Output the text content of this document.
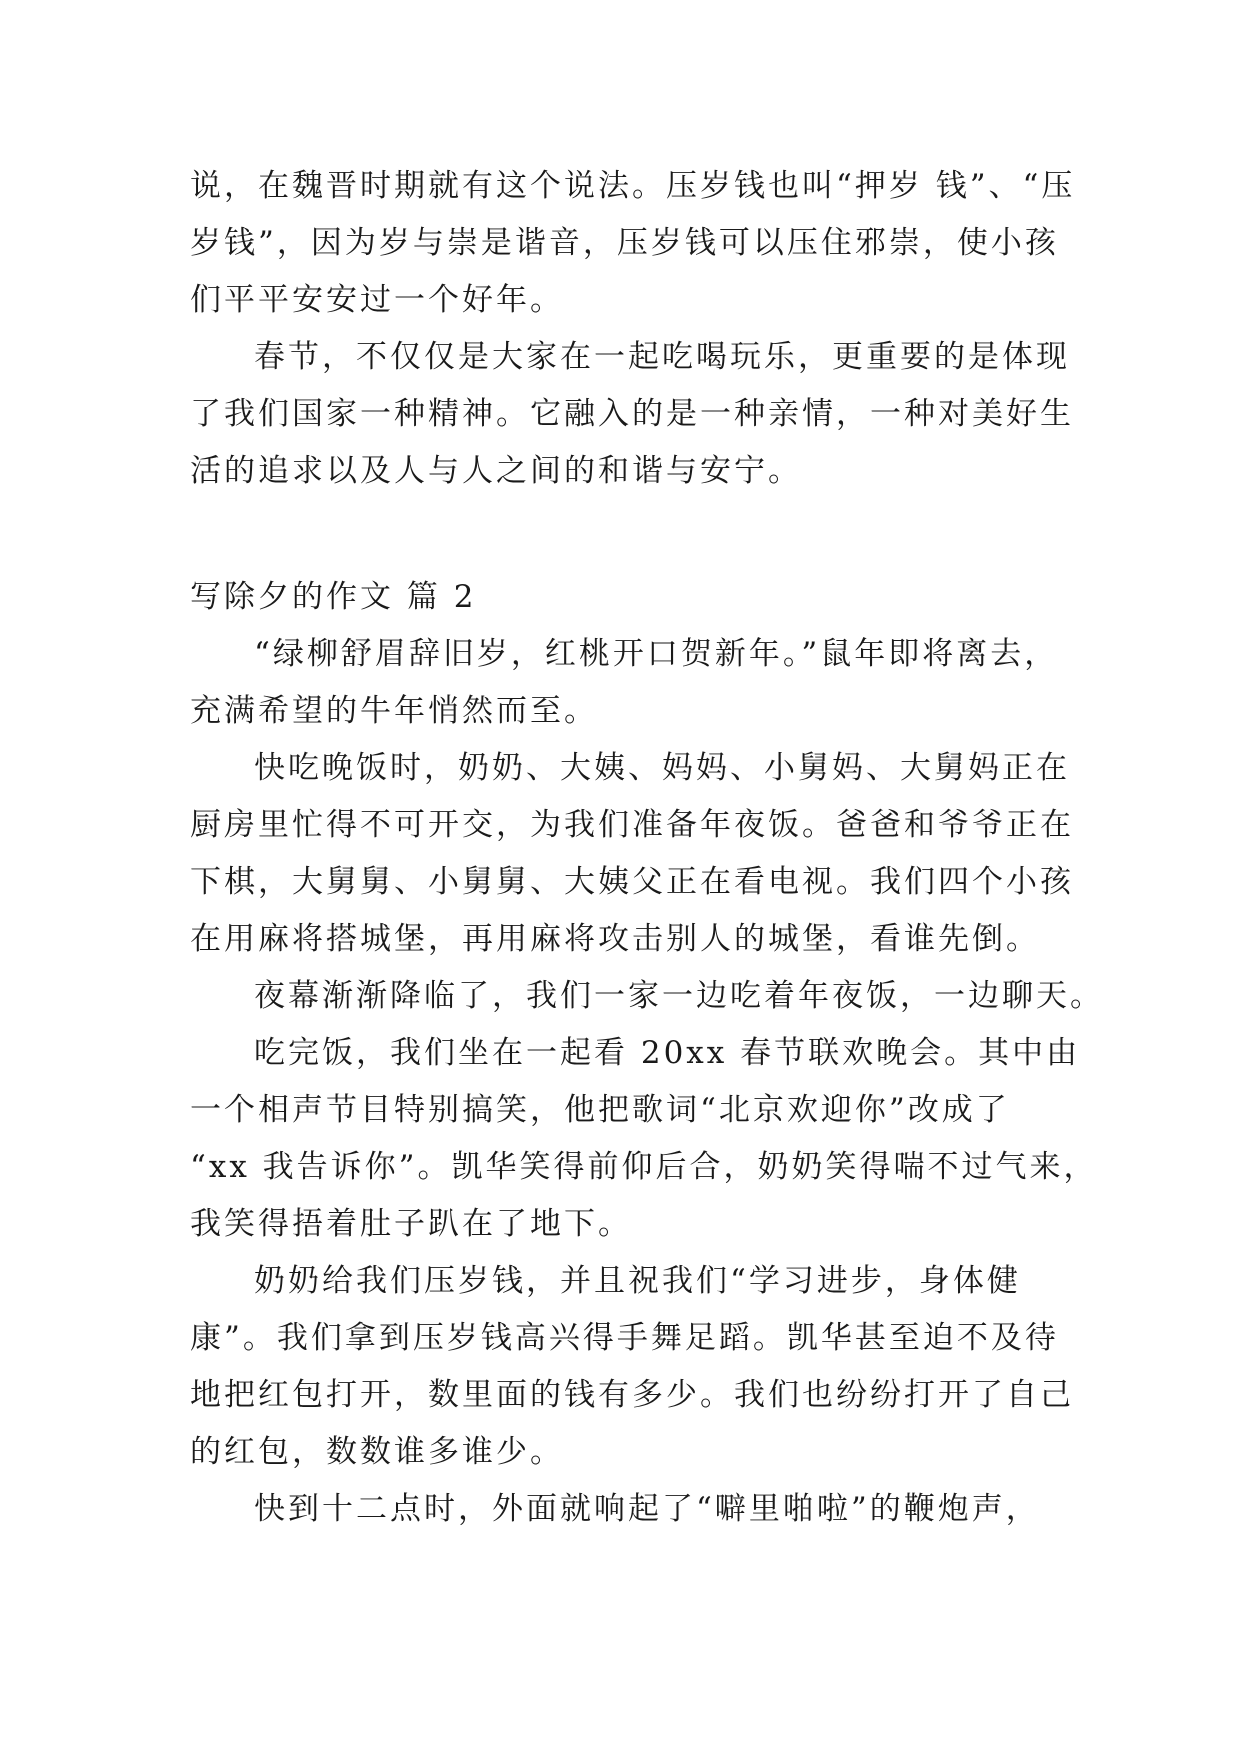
说，在魏晋时期就有这个说法。压岁钱也叫“押岁 钱”、“压
岁钱”，因为岁与崇是谐音，压岁钱可以压住邪崇，使小孩
们平平安安过一个好年。
春节，不仅仅是大家在一起吃喝玩乐，更重要的是体现
了我们国家一种精神。它融入的是一种亲情，一种对美好生
活的追求以及人与人之间的和谐与安宁。
写除夕的作文 篇 2
“绿柳舒眉辞旧岁，红桃开口贺新年。”鼠年即将离去，
充满希望的牛年悄然而至。
快吃晚饭时，奶奶、大姨、妈妈、小舅妈、大舅妈正在
厨房里忙得不可开交，为我们准备年夜饭。爸爸和爷爷正在
下棋，大舅舅、小舅舅、大姨父正在看电视。我们四个小孩
在用麻将搭城堡，再用麻将攻击别人的城堡，看谁先倒。
夜幕渐渐降临了，我们一家一边吃着年夜饭，一边聊天。
吃完饭，我们坐在一起看 20xx 春节联欢晚会。其中由
一个相声节目特别搞笑，他把歌词“北京欢迎你”改成了
“xx 我告诉你”。凯华笑得前仰后合，奶奶笑得喘不过气来，
我笑得捂着肚子趴在了地下。
奶奶给我们压岁钱，并且祝我们“学习进步，身体健
康”。我们拿到压岁钱高兴得手舞足蹈。凯华甚至迫不及待
地把红包打开，数里面的钱有多少。我们也纷纷打开了自己
的红包，数数谁多谁少。
快到十二点时，外面就响起了“噼里啪啦”的鞭炮声，
